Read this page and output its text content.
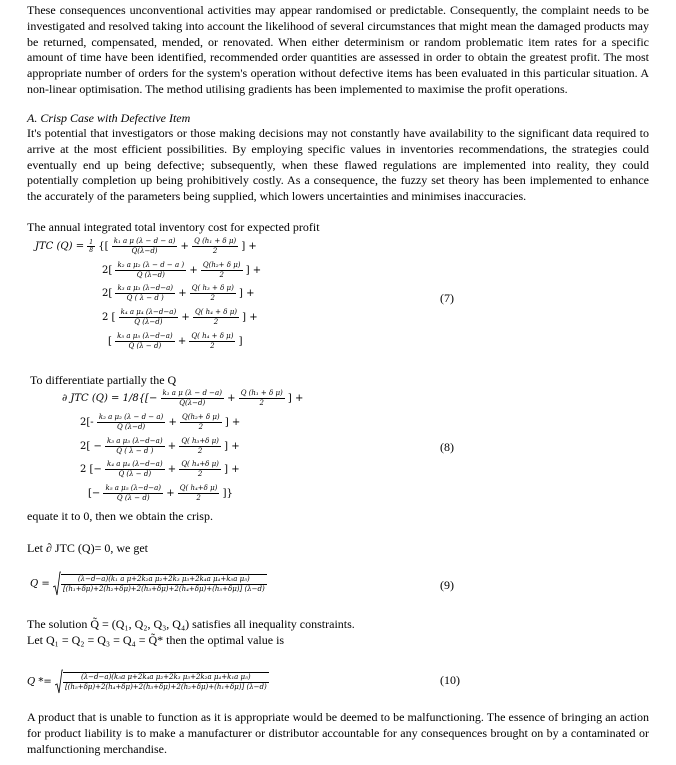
These consequences unconventional activities may appear randomised or predictable. Consequently, the complaint needs to be investigated and resolved taking into account the likelihood of several circumstances that might mean the damaged products may be returned, compensated, mended, or renovated. When either determinism or random problematic item rates for a specific amount of time have been identified, recommended order quantities are assessed in order to obtain the greatest profit. The most appropriate number of orders for the system's operation without defective items has been evaluated in this particular situation. A non-linear optimisation. The method utilising gradients has been implemented to maximise the profit operations.

A. Crisp Case with Defective Item

It's potential that investigators or those making decisions may not constantly have availability to the significant data required to arrive at the most efficient possibilities. By employing specific values in inventories recommendations, the strategies could eventually end up being defective; subsequently, when these flawed regulations are implemented into reality, they could potentially completion up being prohibitively costly. As a consequence, the fuzzy set theory has been implemented to enhance the accurately of the parameters being supplied, which lowers uncertainties and minimises inaccuracies.

The annual integrated total inventory cost for expected profit
JTC $(Q) = \frac{1}{8}$ {[ $\frac{\text{k₁ a μ (λ − d − a)}}{Q(\lambda-d)} + \frac{\text{Q (h₁ + δ μ)}}{2}$ ] +
$2[ \frac{\text{k₂ a μ₂ (λ − d − a )}}{Q (\lambda-d)} + \frac{\text{Q(h₂+ δ μ)}}{2}$ ] +
$2[ \frac{\text{k₃ a μ₃ (λ−d−a)}}{Q ( \lambda - d )} + \frac{\text{Q( h₃ + δ μ)}}{2}$ ] +	(7)
2 [ $\frac{\text{k₄ a μ₄ (λ−d−a)}}{Q (\lambda-d)} + \frac{\text{Q( h₄ + δ μ)}}{2}$ ] +
[ $\frac{\text{k₅ a μ₅ (λ−d−a)}}{Q (\lambda - d)} + \frac{\text{Q( h₄ + δ μ)}}{2}$ ]
To differentiate partially the Q
∂ JTC $(Q) = 1/8\{[- \frac{\text{k₁ a μ (λ − d −a)}}{Q(\lambda-d)} + \frac{\text{Q (h₁ + δ μ)}}{2}$ ] +
$2[- \frac{\text{k₂ a μ₂ (λ − d − a)}}{Q (\lambda-d)} + \frac{\text{Q(h₂+ δ μ)}}{2}$ ] +
$2[ - \frac{\text{k₃ a μ₃ (λ−d−a)}}{Q ( \lambda - d )} + \frac{\text{Q( h₃+δ μ)}}{2}$ ] +	(8)
2 [− $\frac{\text{k₄ a μ₄ (λ−d−a)}}{Q (\lambda - d)} + \frac{\text{Q( h₄+δ μ)}}{2}$ ] +
[− $\frac{\text{k₅ a μ₅ (λ−d−a)}}{Q (\lambda - d)} + \frac{\text{Q( h₄+δ μ)}}{2}$ ]}
equate it to 0, then we obtain the crisp.
Let ∂ JTC (Q)= 0, we get
$Q = \frac{\text{(λ−d−a)(k₁ a μ+2k₂a μ₂+2k₃ μ₃+2k₄a μ₄+k₅a μ₅)}}{\text{[(h₁+δμ)+2(h₂+δμ)+2(h₃+δμ)+2(h₄+δμ)+(h₅+δμ)] (λ−d)}}$	(9)
The solution Q̃ = (Q₁, Q₂, Q₃, Q₄) satisfies all inequality constraints.
Let Q₁ = Q₂ = Q₃ = Q₄ = Q̃* then the optimal value is
$Q *= \frac{\text{(λ−d−a)(k₅a μ+2k₄a μ₂+2k₃ μ₃+2k₂a μ₄+k₁a μ₅)}}{\text{[(h₅+δμ)+2(h₄+δμ)+2(h₃+δμ)+2(h₂+δμ)+(h₁+δμ)] (λ−d)}}$	(10)

A product that is unable to function as it is appropriate would be deemed to be malfunctioning. The essence of bringing an action for product liability is to make a manufacturer or distributor accountable for any consequences brought on by a contaminated or malfunctioning merchandise.
